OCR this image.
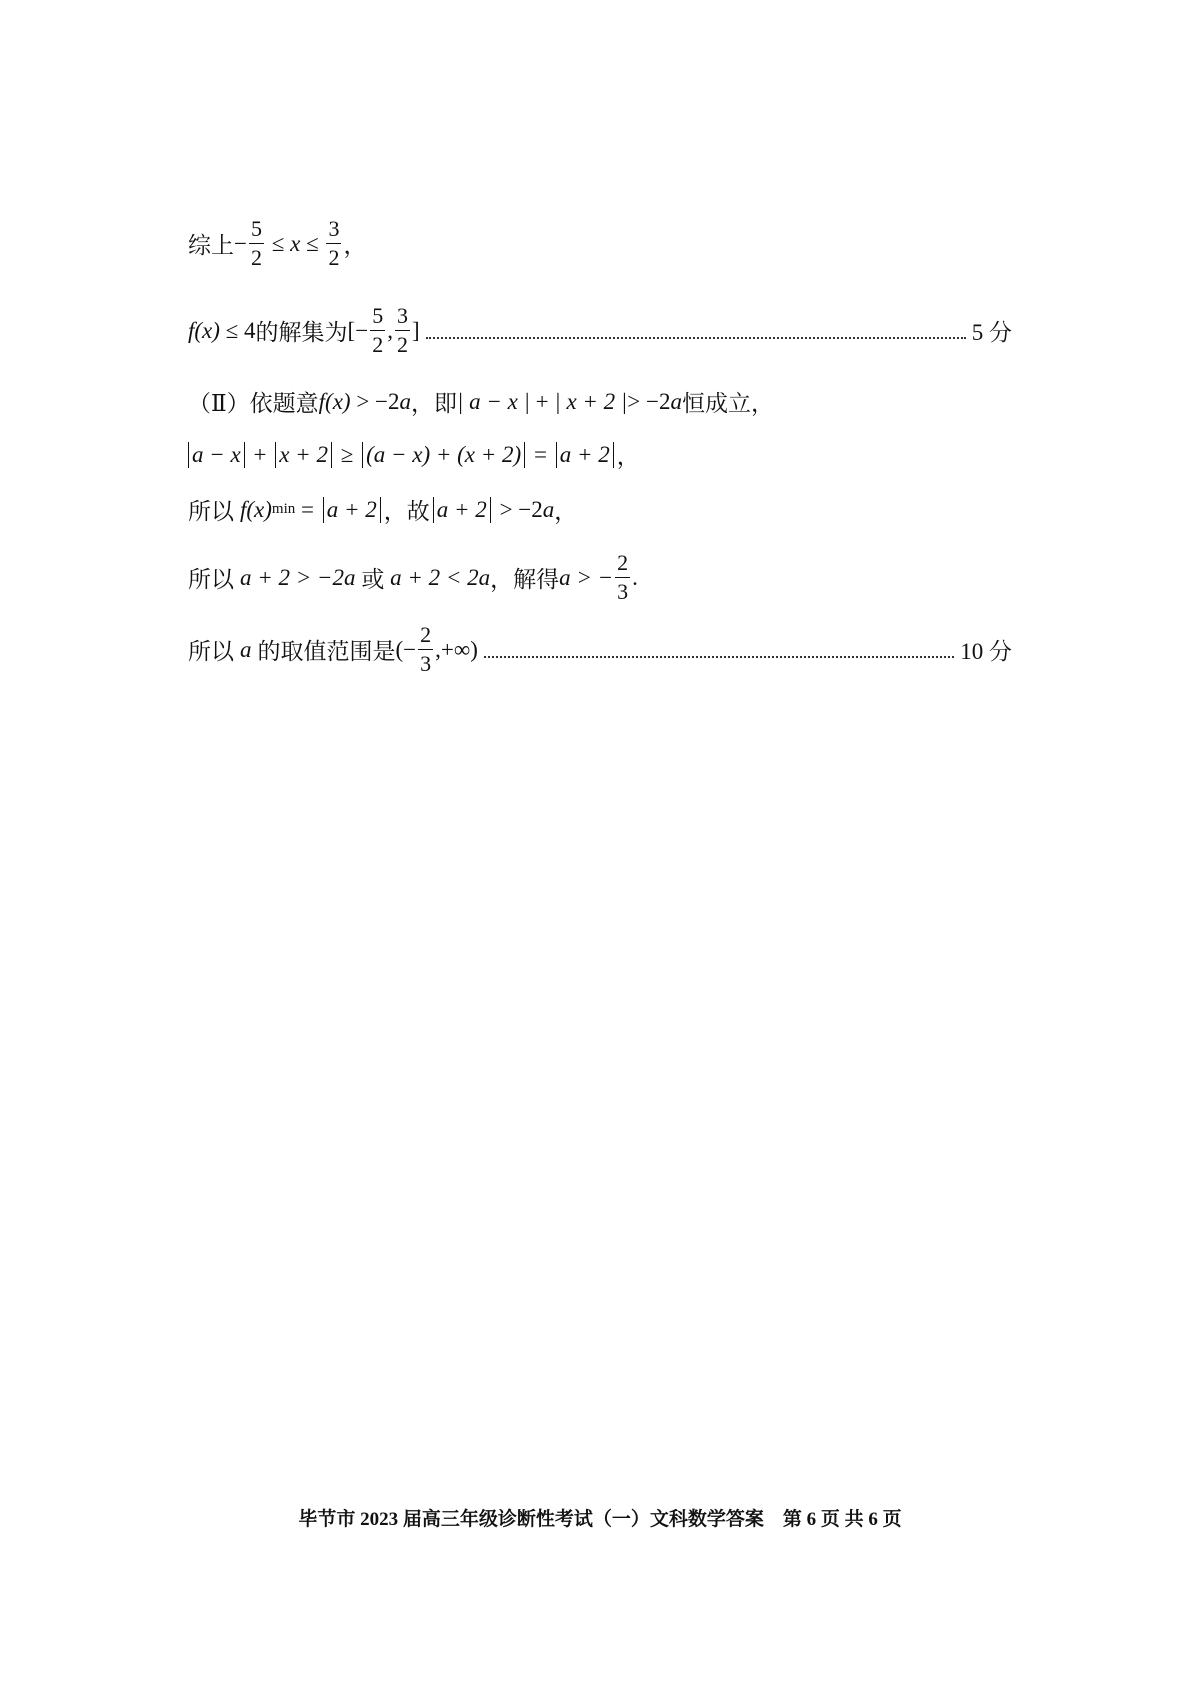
综上 − $\frac{5}{2} \le x \le \frac{3}{2}$ ，
f (x) ≤ 4 的解集为 [− $\frac{5}{2}$ , $\frac{3}{2}$ ]	5 分
（Ⅱ）依题意 f (x) > −2 a ，即 | a − x | + | x + 2 | > −2 a 恒成立，
a − x + x + 2 ≥ (a − x) + (x + 2) = a + 2 ，
所以 f (x) min = a + 2 ，故 a + 2 > −2 a ，
所以 a + 2 > −2a 或 a + 2 < 2a ，解得 a > − $\frac{2}{3}$ .
所以 a 的取值范围是 (− $\frac{2}{3}$ ,+∞)	10 分
毕节市 2023 届高三年级诊断性考试（一）文科数学答案　第 6 页 共 6 页
